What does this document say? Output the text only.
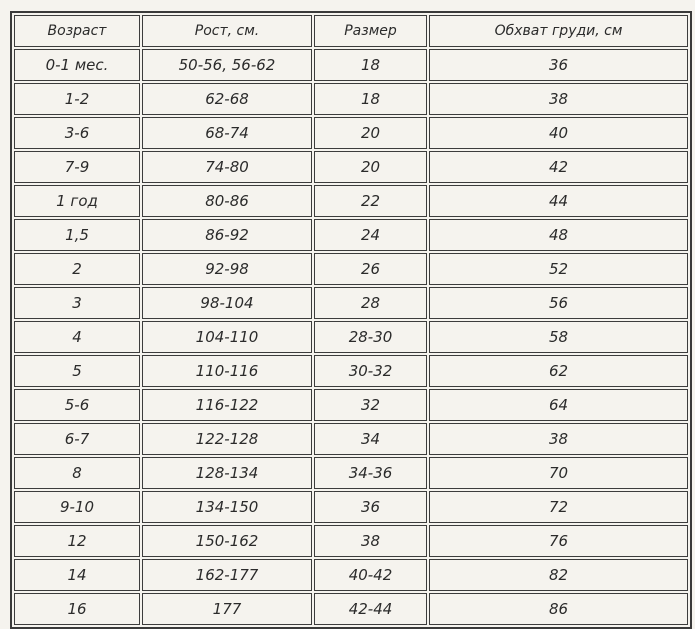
Возраст	Рост, см.	Размер	Обхват груди, см
0-1 мес.	50-56, 56-62	18	36
1-2	62-68	18	38
3-6	68-74	20	40
7-9	74-80	20	42
1 год	80-86	22	44
1,5	86-92	24	48
2	92-98	26	52
3	98-104	28	56
4	104-110	28-30	58
5	110-116	30-32	62
5-6	116-122	32	64
6-7	122-128	34	38
8	128-134	34-36	70
9-10	134-150	36	72
12	150-162	38	76
14	162-177	40-42	82
16	177	42-44	86
